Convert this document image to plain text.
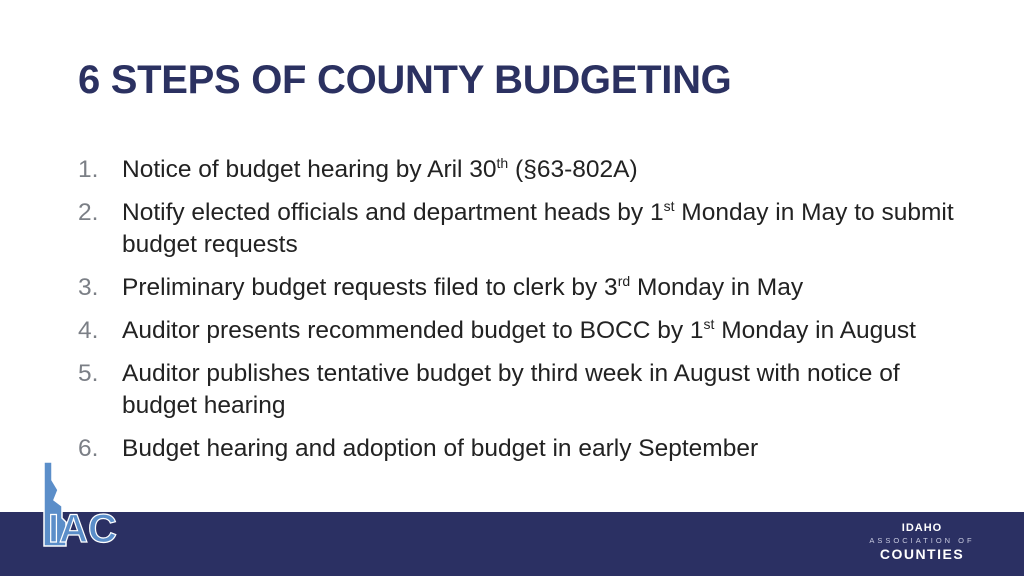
6 STEPS OF COUNTY BUDGETING
1. Notice of budget hearing by Aril 30th (§63-802A)
2. Notify elected officials and department heads by 1st Monday in May to submit budget requests
3. Preliminary budget requests filed to clerk by 3rd Monday in May
4. Auditor presents recommended budget to BOCC by 1st Monday in August
5. Auditor publishes tentative budget by third week in August with notice of budget hearing
6. Budget hearing and adoption of budget in early September
IAC	IDAHO
ASSOCIATION OF
COUNTIES
